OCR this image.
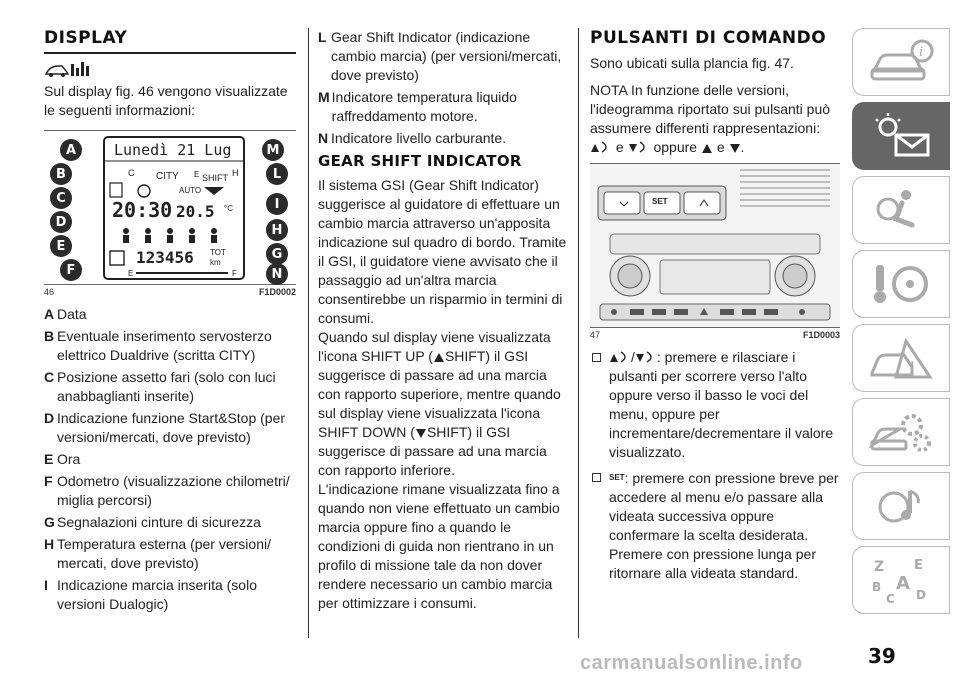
DISPLAY

Sul display fig. 46 vengono visualizzate le seguenti informazioni:

Lunedì 21 Lug
CITY
C	H
AUTO
SHIFT
E
20:30 20.5 °C
123456 TOT
km
E	F
A
B
C
D
E
F
M
L
I
H
G
N
46	F1D0002
A Data
B Eventuale inserimento servosterzo elettrico Dualdrive (scritta CITY)
C Posizione assetto fari (solo con luci anabbaglianti inserite)
D Indicazione funzione Start&Stop (per versioni/mercati, dove previsto)
E Ora
F Odometro (visualizzazione chilometri/ miglia percorsi)
G Segnalazioni cinture di sicurezza
H Temperatura esterna (per versioni/ mercati, dove previsto)
I Indicazione marcia inserita (solo versioni Dualogic)
L Gear Shift Indicator (indicazione cambio marcia) (per versioni/mercati, dove previsto)
M Indicatore temperatura liquido raffreddamento motore.
N Indicatore livello carburante.
GEAR SHIFT INDICATOR

Il sistema GSI (Gear Shift Indicator) suggerisce al guidatore di effettuare un cambio marcia attraverso un'apposita indicazione sul quadro di bordo. Tramite il GSI, il guidatore viene avvisato che il passaggio ad un'altra marcia consentirebbe un risparmio in termini di consumi.

Quando sul display viene visualizzata l'icona SHIFT UP ( SHIFT) il GSI suggerisce di passare ad una marcia con rapporto superiore, mentre quando sul display viene visualizzata l'icona SHIFT DOWN ( SHIFT) il GSI suggerisce di passare ad una marcia con rapporto inferiore.

L'indicazione rimane visualizzata fino a quando non viene effettuato un cambio marcia oppure fino a quando le condizioni di guida non rientrano in un profilo di missione tale da non dover rendere necessario un cambio marcia per ottimizzare i consumi.

PULSANTI DI COMANDO

Sono ubicati sulla plancia fig. 47.

NOTA In funzione delle versioni, l'ideogramma riportato sui pulsanti può assumere differenti rappresentazioni:

e oppure e .

SET
47	F1D0003
/ : premere e rilasciare i pulsanti per scorrere verso l'alto oppure verso il basso le voci del menu, oppure per incrementare/decrementare il valore visualizzato.
$^{SET}$: premere con pressione breve per accedere al menu e/o passare alla videata successiva oppure confermare la scelta desiderata. Premere con pressione lunga per ritornare alla videata standard.
i
!
Z E
B A
C D
carmanualsonline.info	39
